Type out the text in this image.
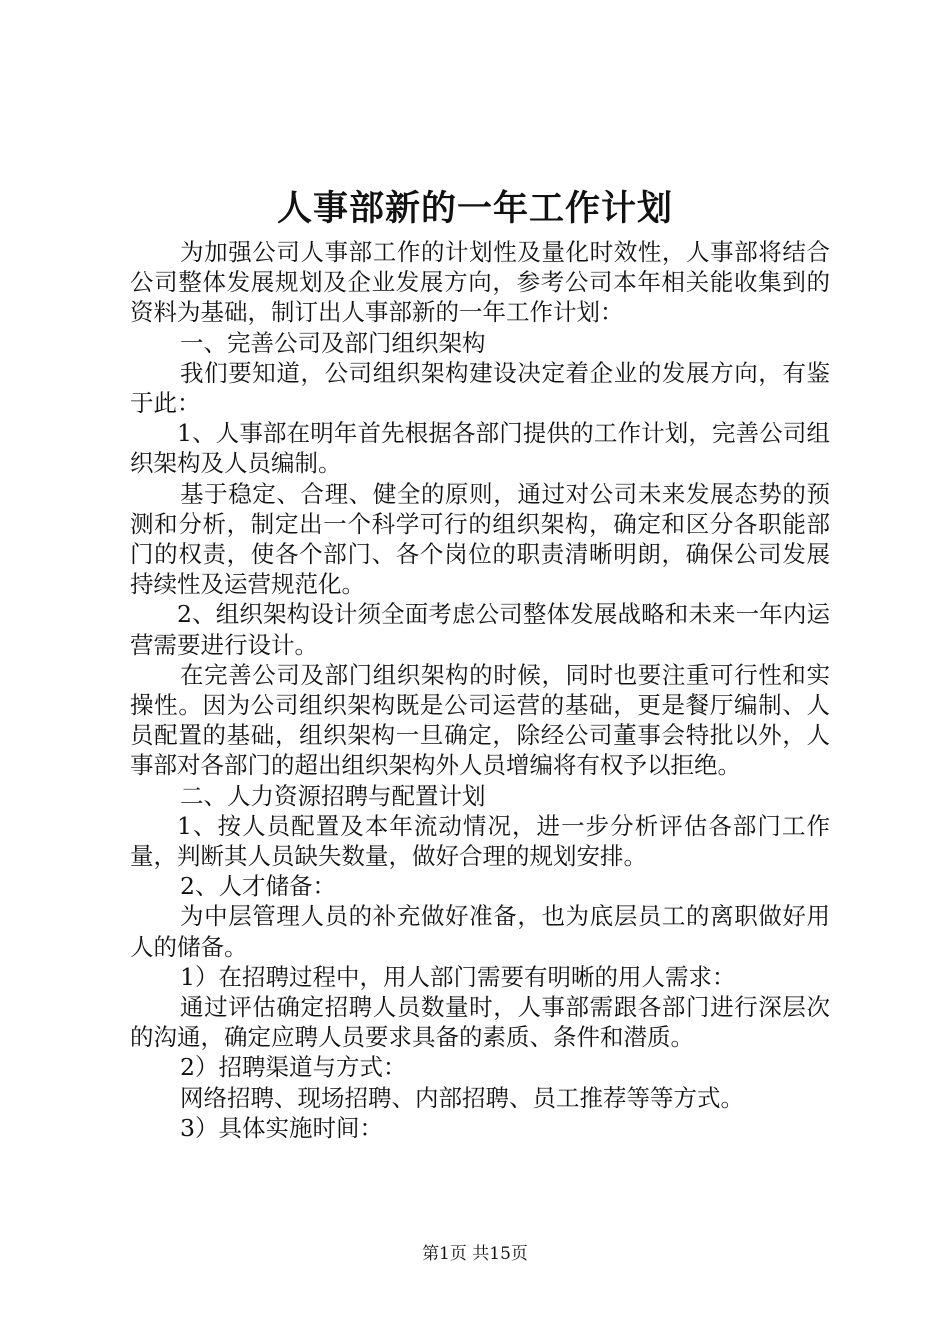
人事部新的一年工作计划

为加强公司人事部工作的计划性及量化时效性，人事部将结合公司整体发展规划及企业发展方向，参考公司本年相关能收集到的资料为基础，制订出人事部新的一年工作计划：

一、完善公司及部门组织架构

我们要知道，公司组织架构建设决定着企业的发展方向，有鉴于此：

1、人事部在明年首先根据各部门提供的工作计划，完善公司组织架构及人员编制。

基于稳定、合理、健全的原则，通过对公司未来发展态势的预测和分析，制定出一个科学可行的组织架构，确定和区分各职能部门的权责，使各个部门、各个岗位的职责清晰明朗，确保公司发展持续性及运营规范化。

2、组织架构设计须全面考虑公司整体发展战略和未来一年内运营需要进行设计。

在完善公司及部门组织架构的时候，同时也要注重可行性和实操性。因为公司组织架构既是公司运营的基础，更是餐厅编制、人员配置的基础，组织架构一旦确定，除经公司董事会特批以外，人事部对各部门的超出组织架构外人员增编将有权予以拒绝。

二、人力资源招聘与配置计划

1、按人员配置及本年流动情况，进一步分析评估各部门工作量，判断其人员缺失数量，做好合理的规划安排。

2、人才储备：

为中层管理人员的补充做好准备，也为底层员工的离职做好用人的储备。

1）在招聘过程中，用人部门需要有明晰的用人需求：

通过评估确定招聘人员数量时，人事部需跟各部门进行深层次的沟通，确定应聘人员要求具备的素质、条件和潜质。

2）招聘渠道与方式：

网络招聘、现场招聘、内部招聘、员工推荐等等方式。

3）具体实施时间：

第1页 共15页
